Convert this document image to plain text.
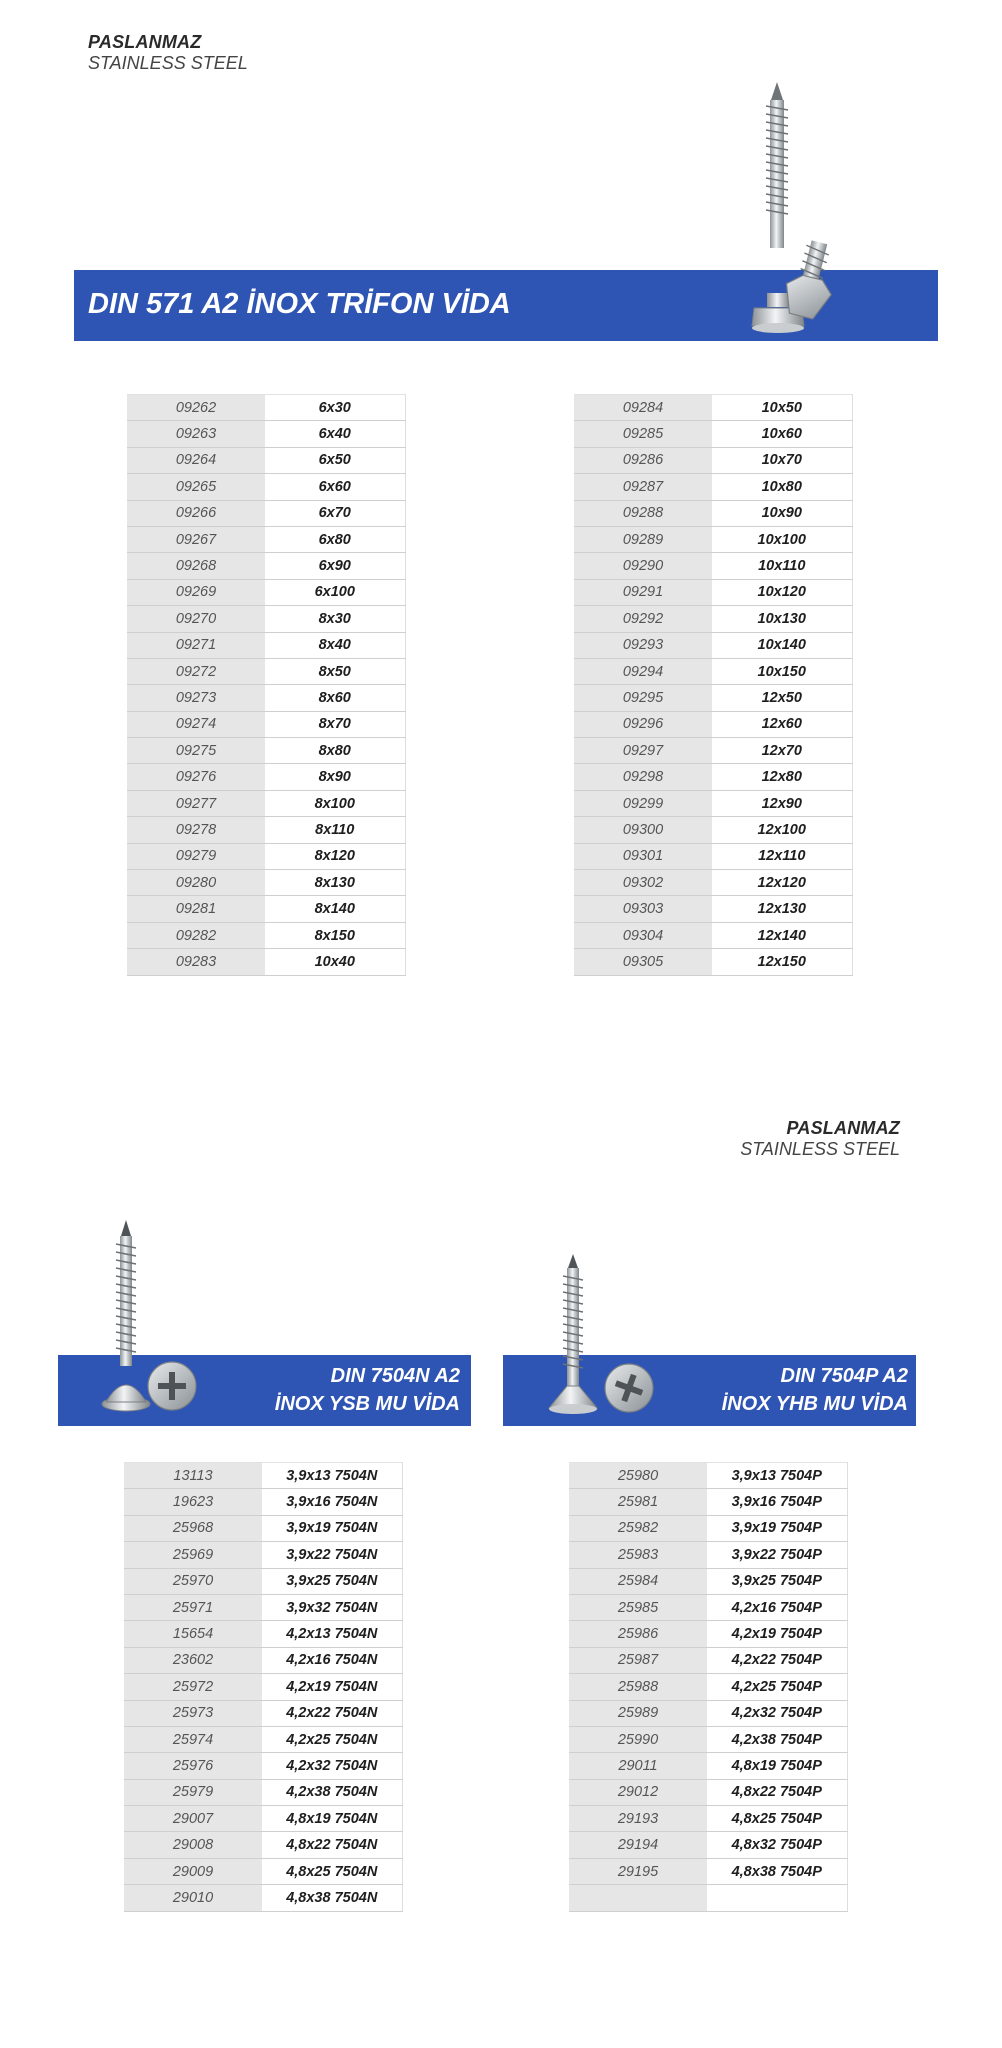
PASLANMAZ
STAINLESS STEEL
DIN 571 A2 İNOX TRİFON VİDA
09262	6x30
09263	6x40
09264	6x50
09265	6x60
09266	6x70
09267	6x80
09268	6x90
09269	6x100
09270	8x30
09271	8x40
09272	8x50
09273	8x60
09274	8x70
09275	8x80
09276	8x90
09277	8x100
09278	8x110
09279	8x120
09280	8x130
09281	8x140
09282	8x150
09283	10x40
09284	10x50
09285	10x60
09286	10x70
09287	10x80
09288	10x90
09289	10x100
09290	10x110
09291	10x120
09292	10x130
09293	10x140
09294	10x150
09295	12x50
09296	12x60
09297	12x70
09298	12x80
09299	12x90
09300	12x100
09301	12x110
09302	12x120
09303	12x130
09304	12x140
09305	12x150
PASLANMAZ
STAINLESS STEEL
DIN 7504N A2
İNOX YSB MU VİDA
13113	3,9x13 7504N
19623	3,9x16 7504N
25968	3,9x19 7504N
25969	3,9x22 7504N
25970	3,9x25 7504N
25971	3,9x32 7504N
15654	4,2x13 7504N
23602	4,2x16 7504N
25972	4,2x19 7504N
25973	4,2x22 7504N
25974	4,2x25 7504N
25976	4,2x32 7504N
25979	4,2x38 7504N
29007	4,8x19 7504N
29008	4,8x22 7504N
29009	4,8x25 7504N
29010	4,8x38 7504N
DIN 7504P A2
İNOX YHB MU VİDA
25980	3,9x13 7504P
25981	3,9x16 7504P
25982	3,9x19 7504P
25983	3,9x22 7504P
25984	3,9x25 7504P
25985	4,2x16 7504P
25986	4,2x19 7504P
25987	4,2x22 7504P
25988	4,2x25 7504P
25989	4,2x32 7504P
25990	4,2x38 7504P
29011	4,8x19 7504P
29012	4,8x22 7504P
29193	4,8x25 7504P
29194	4,8x32 7504P
29195	4,8x38 7504P
